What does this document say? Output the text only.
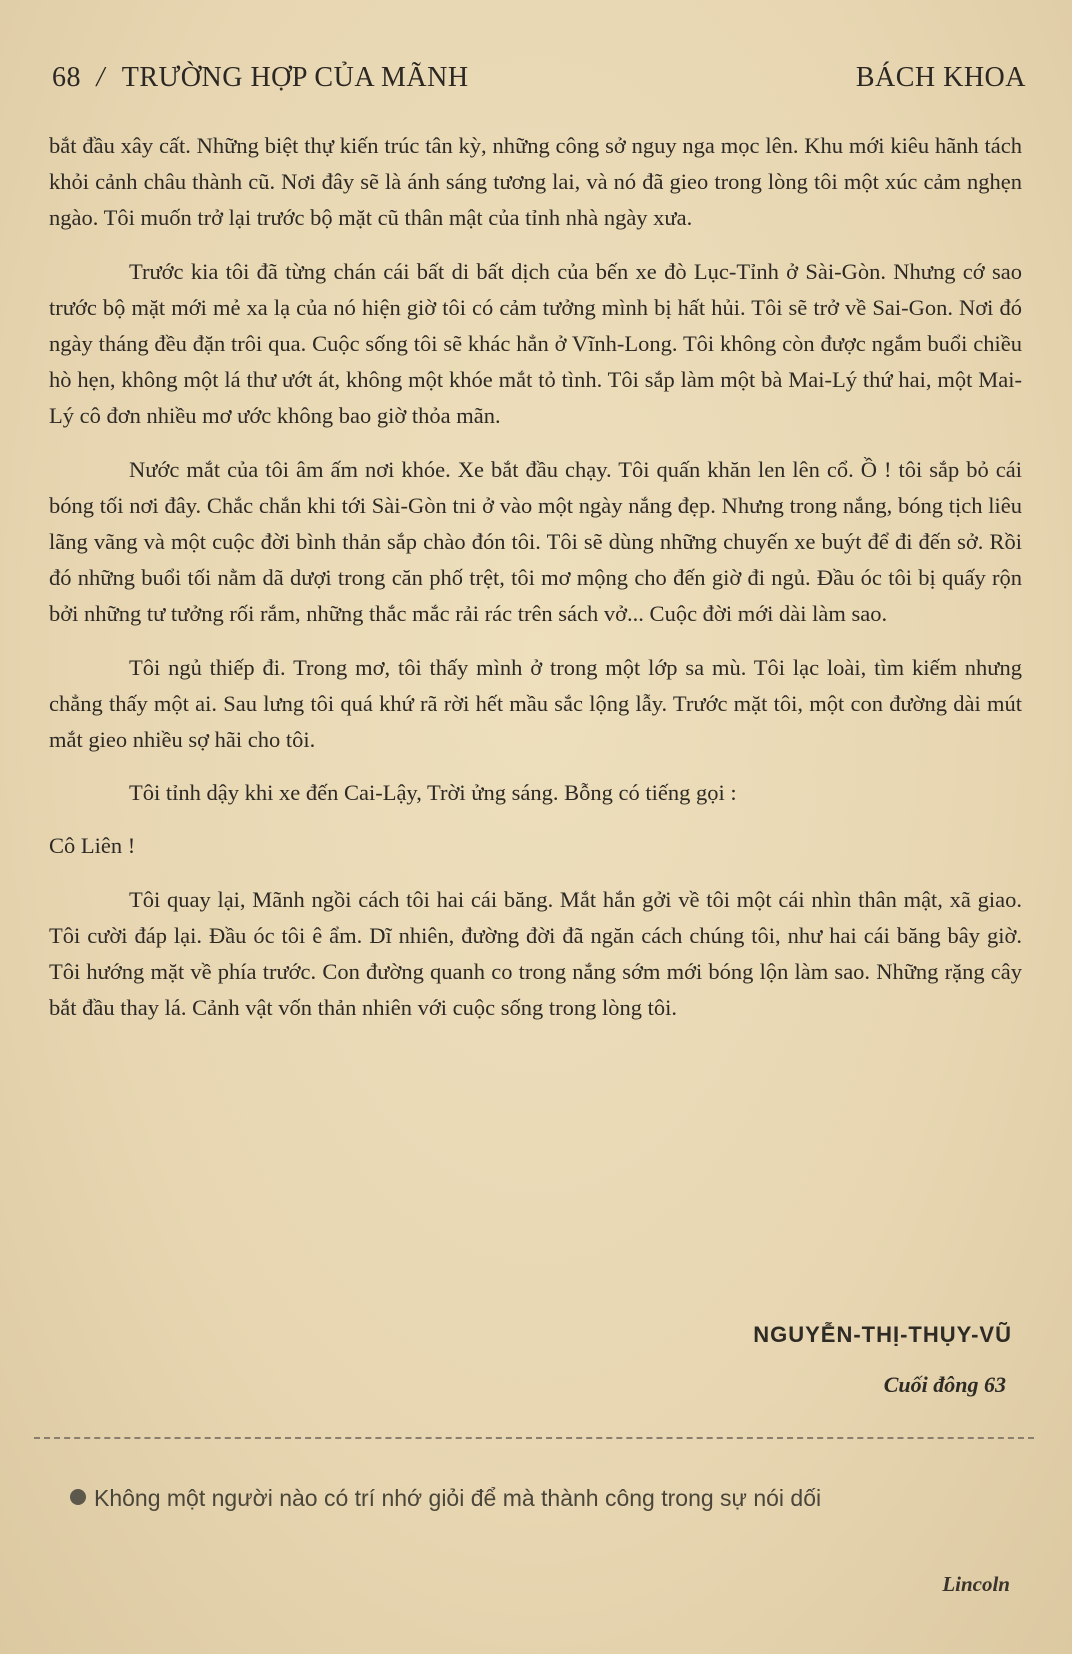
68 / TRƯỜNG HỢP CỦA MÃNH	BÁCH KHOA

bắt đầu xây cất. Những biệt thự kiến trúc tân kỳ, những công sở nguy nga mọc lên. Khu mới kiêu hãnh tách khỏi cảnh châu thành cũ. Nơi đây sẽ là ánh sáng tương lai, và nó đã gieo trong lòng tôi một xúc cảm nghẹn ngào. Tôi muốn trở lại trước bộ mặt cũ thân mật của tỉnh nhà ngày xưa.

Trước kia tôi đã từng chán cái bất di bất dịch của bến xe đò Lục-Tỉnh ở Sài-Gòn. Nhưng cớ sao trước bộ mặt mới mẻ xa lạ của nó hiện giờ tôi có cảm tưởng mình bị hất hủi. Tôi sẽ trở về Sai-Gon. Nơi đó ngày tháng đều đặn trôi qua. Cuộc sống tôi sẽ khác hẳn ở Vĩnh-Long. Tôi không còn được ngắm buổi chiều hò hẹn, không một lá thư ướt át, không một khóe mắt tỏ tình. Tôi sắp làm một bà Mai-Lý thứ hai, một Mai-Lý cô đơn nhiều mơ ước không bao giờ thỏa mãn.

Nước mắt của tôi âm ấm nơi khóe. Xe bắt đầu chạy. Tôi quấn khăn len lên cổ. Ồ ! tôi sắp bỏ cái bóng tối nơi đây. Chắc chắn khi tới Sài-Gòn tni ở vào một ngày nắng đẹp. Nhưng trong nắng, bóng tịch liêu lãng vãng và một cuộc đời bình thản sắp chào đón tôi. Tôi sẽ dùng những chuyến xe buýt để đi đến sở. Rồi đó những buổi tối nằm dã dượi trong căn phố trệt, tôi mơ mộng cho đến giờ đi ngủ. Đầu óc tôi bị quấy rộn bởi những tư tưởng rối rắm, những thắc mắc rải rác trên sách vở... Cuộc đời mới dài làm sao.

Tôi ngủ thiếp đi. Trong mơ, tôi thấy mình ở trong một lớp sa mù. Tôi lạc loài, tìm kiếm nhưng chẳng thấy một ai. Sau lưng tôi quá khứ rã rời hết mầu sắc lộng lẫy. Trước mặt tôi, một con đường dài mút mắt gieo nhiều sợ hãi cho tôi.

Tôi tỉnh dậy khi xe đến Cai-Lậy, Trời ửng sáng. Bỗng có tiếng gọi :

Cô Liên !

Tôi quay lại, Mãnh ngồi cách tôi hai cái băng. Mắt hắn gởi về tôi một cái nhìn thân mật, xã giao. Tôi cười đáp lại. Đầu óc tôi ê ẩm. Dĩ nhiên, đường đời đã ngăn cách chúng tôi, như hai cái băng bây giờ. Tôi hướng mặt về phía trước. Con đường quanh co trong nắng sớm mới bóng lộn làm sao. Những rặng cây bắt đầu thay lá. Cảnh vật vốn thản nhiên với cuộc sống trong lòng tôi.

NGUYỄN-THỊ-THỤY-VŨ
Cuối đông 63
Không một người nào có trí nhớ giỏi để mà thành công trong sự nói dối
Lincoln
